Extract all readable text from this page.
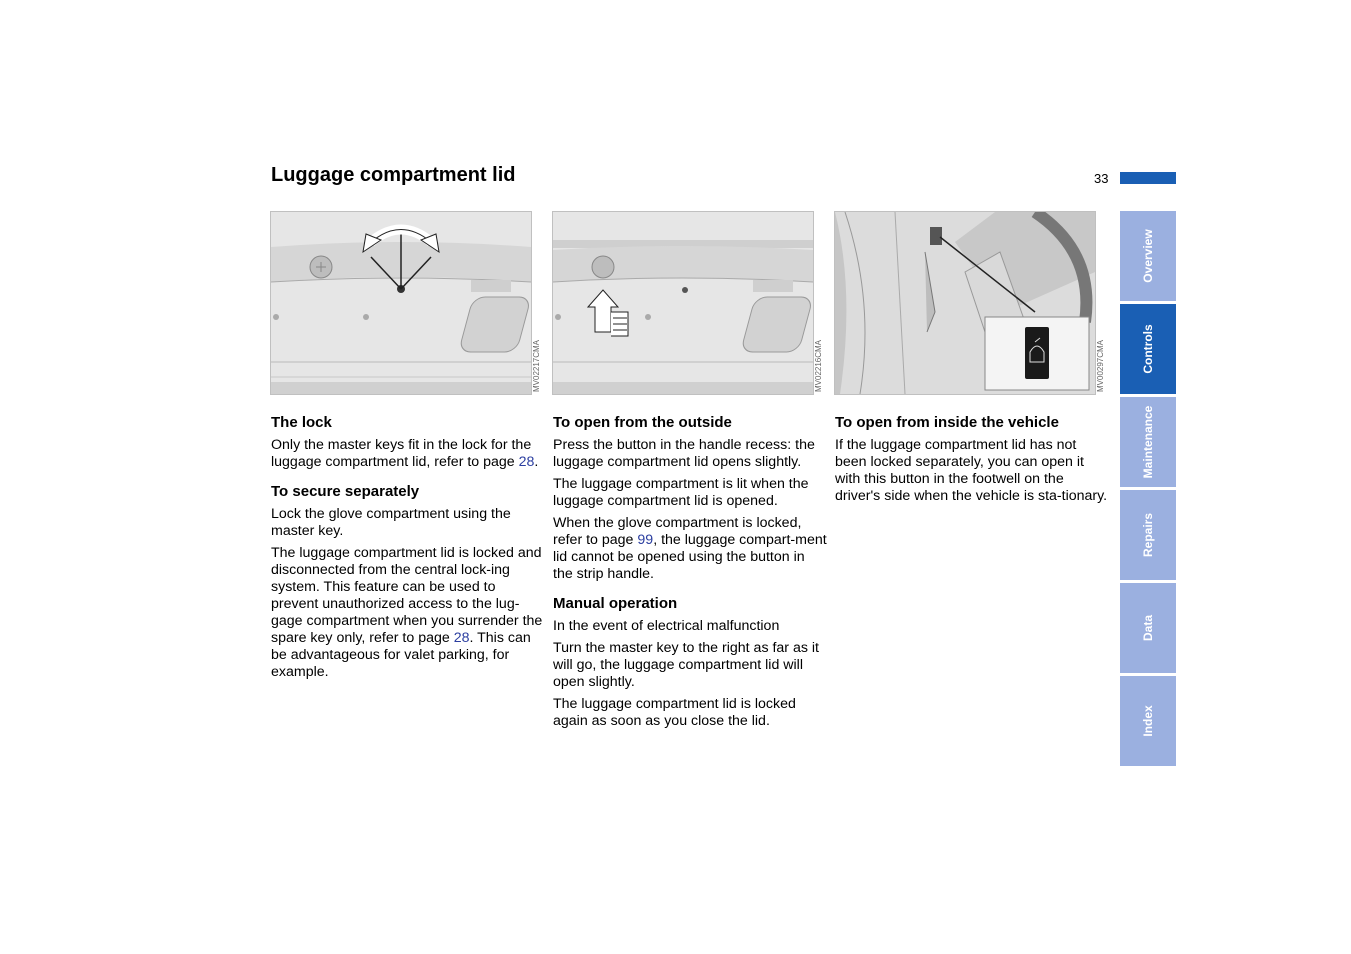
Luggage compartment lid	33
Overview
Controls
Maintenance
Repairs
Data
Index
MV02217CMA	MV02216CMA	MV00297CMA
The lock

Only the master keys fit in the lock for the luggage compartment lid, refer to page 28.

To secure separately

Lock the glove compartment using the master key.

The luggage compartment lid is locked and disconnected from the central lock-ing system. This feature can be used to prevent unauthorized access to the lug-gage compartment when you surrender the spare key only, refer to page 28. This can be advantageous for valet parking, for example.

To open from the outside

Press the button in the handle recess: the luggage compartment lid opens slightly.

The luggage compartment is lit when the luggage compartment lid is opened.

When the glove compartment is locked, refer to page 99, the luggage compart-ment lid cannot be opened using the button in the strip handle.

Manual operation

In the event of electrical malfunction

Turn the master key to the right as far as it will go, the luggage compartment lid will open slightly.

The luggage compartment lid is locked again as soon as you close the lid.

To open from inside the vehicle

If the luggage compartment lid has not been locked separately, you can open it with this button in the footwell on the driver's side when the vehicle is sta-tionary.
